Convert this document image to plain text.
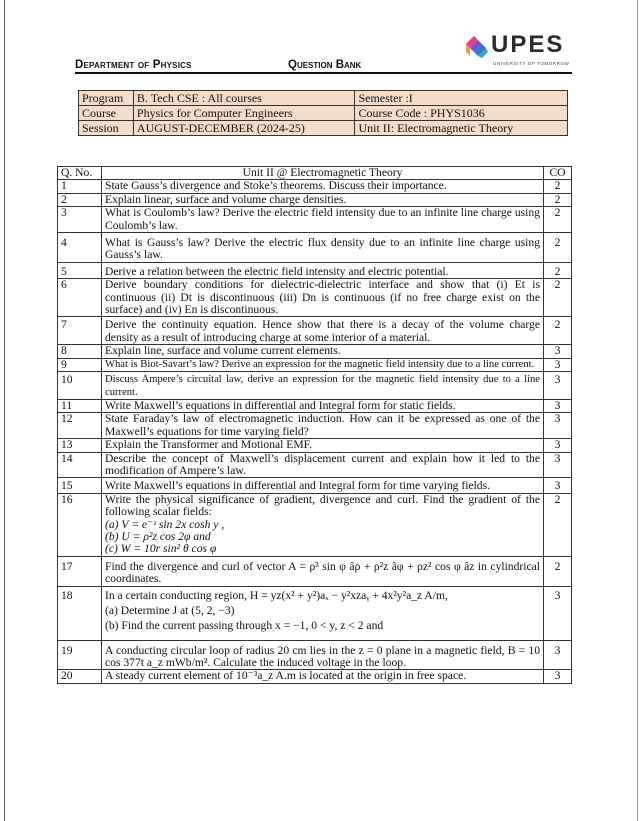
Department of Physics	Question Bank
UPES
UNIVERSITY OF TOMORROW
Program	B. Tech CSE : All courses	Semester :I
Course	Physics for Computer Engineers	Course Code : PHYS1036
Session	AUGUST-DECEMBER (2024-25)	Unit II: Electromagnetic Theory
Q. No.	Unit II @ Electromagnetic Theory	CO
1	State Gauss’s divergence and Stoke’s theorems. Discuss their importance.	2
2	Explain linear, surface and volume charge densities.	2
3	What is Coulomb’s law? Derive the electric field intensity due to an infinite line charge using Coulomb’s law.	2
4	What is Gauss’s law? Derive the electric flux density due to an infinite line charge using Gauss’s law.	2
5	Derive a relation between the electric field intensity and electric potential.	2
6	Derive boundary conditions for dielectric-dielectric interface and show that (i) Et is continuous (ii) Dt is discontinuous (iii) Dn is continuous (if no free charge exist on the surface) and (iv) En is discontinuous.	2
7	Derive the continuity equation. Hence show that there is a decay of the volume charge density as a result of introducing charge at some interior of a material.	2
8	Explain line, surface and volume current elements.	3
9	What is Biot-Savart’s law? Derive an expression for the magnetic field intensity due to a line current.	3
10	Discuss Ampere’s circuital law, derive an expression for the magnetic field intensity due to a line current.	3
11	Write Maxwell’s equations in differential and Integral form for static fields.	3
12	State Faraday’s law of electromagnetic induction. How can it be expressed as one of the Maxwell’s equations for time varying field?	3
13	Explain the Transformer and Motional EMF.	3
14	Describe the concept of Maxwell’s displacement current and explain how it led to the modification of Ampere’s law.	3
15	Write Maxwell’s equations in differential and Integral form for time varying fields.	3
16	Write the physical significance of gradient, divergence and curl. Find the gradient of the following scalar fields:
(a) V = e⁻ᶻ sin 2x cosh y ,
(b) U = ρ²z cos 2φ and
(c) W = 10r sin² θ cos φ	2
17	Find the divergence and curl of vector A = ρ³ sin φ âρ + ρ²z âφ + ρz² cos φ âz in cylindrical coordinates.	2
18	In a certain conducting region, H = yz(x² + y²)aₓ − y²xzaᵧ + 4x²y²a_z A/m,
(a) Determine J at (5, 2, −3)
(b) Find the current passing through x = −1, 0 < y, z < 2 and	3
19	A conducting circular loop of radius 20 cm lies in the z = 0 plane in a magnetic field, B = 10 cos 377t a_z mWb/m². Calculate the induced voltage in the loop.	3
20	A steady current element of 10⁻³a_z A.m is located at the origin in free space.	3
